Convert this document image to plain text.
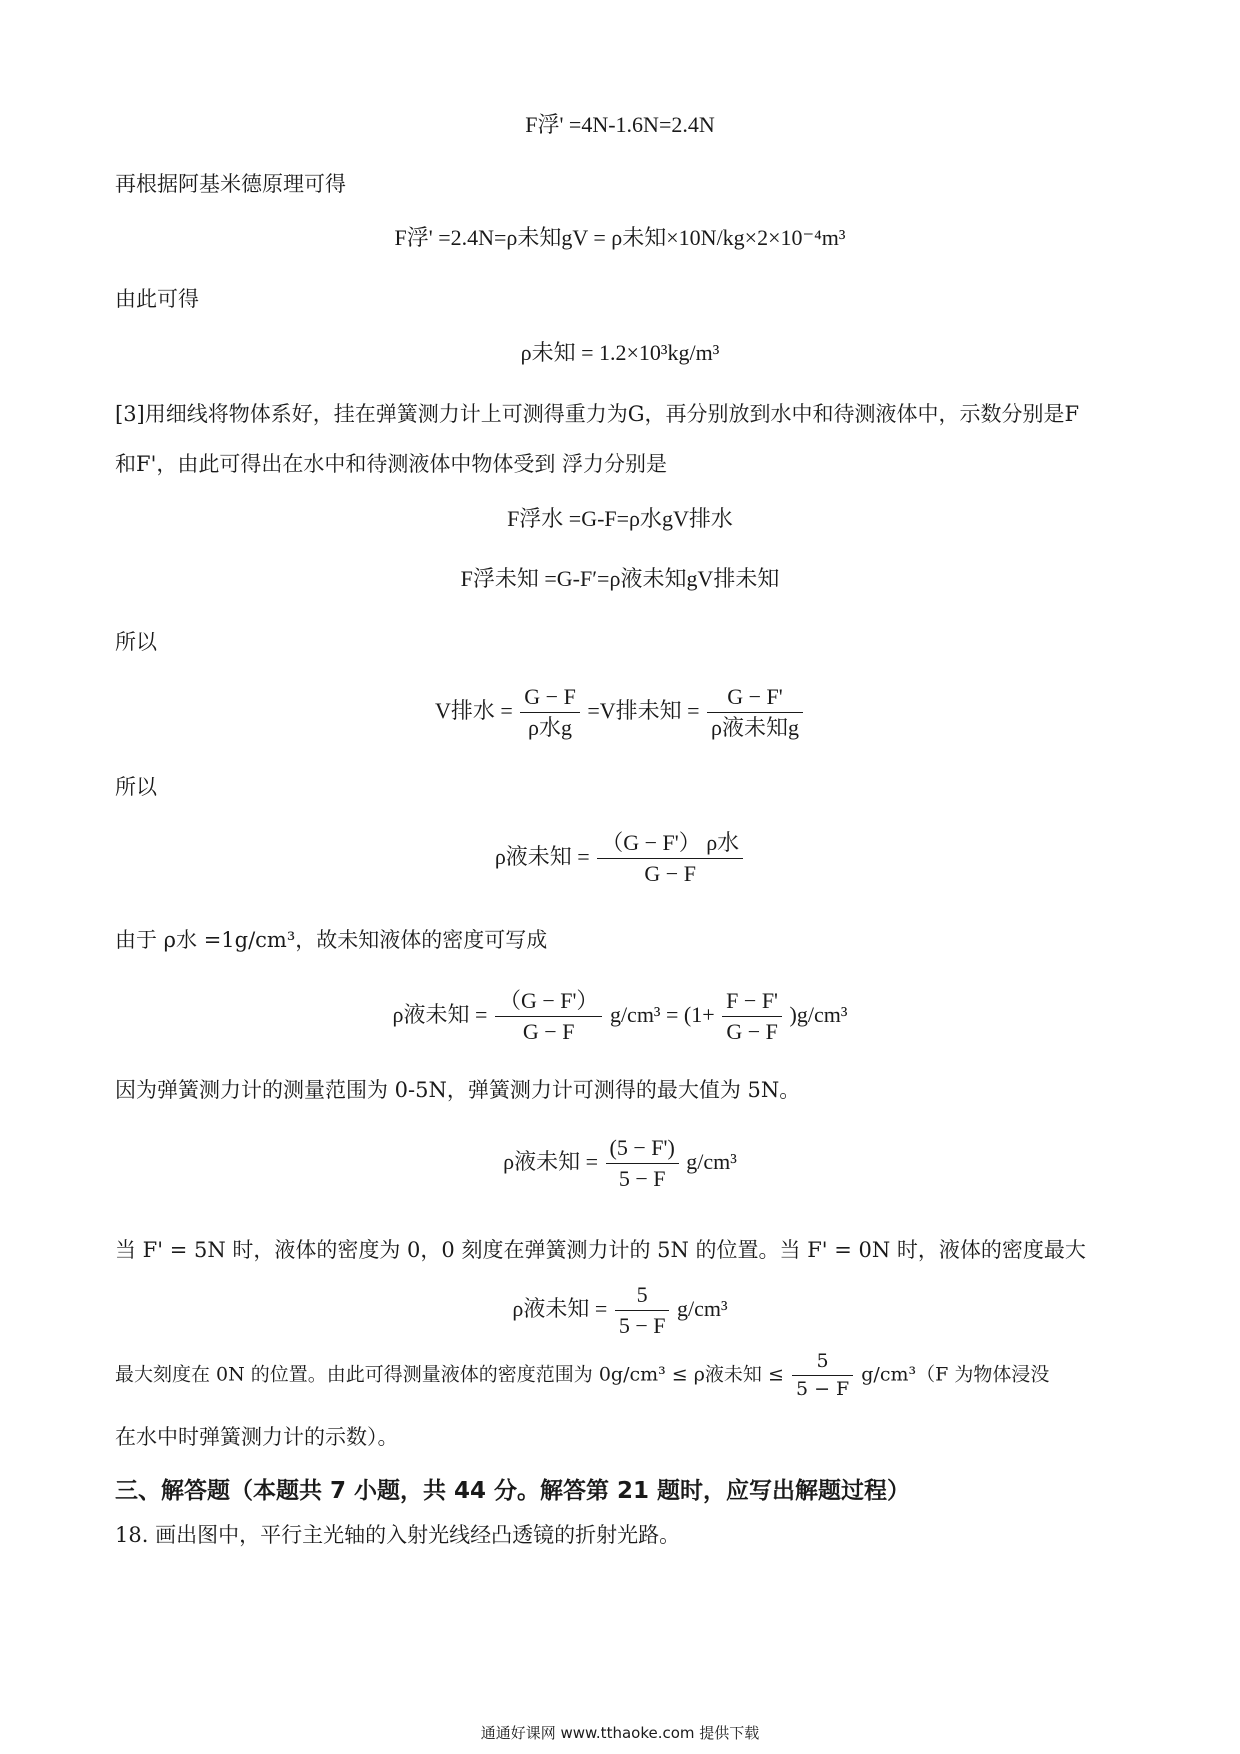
F浮' =4N-1.6N=2.4N
再根据阿基米德原理可得
F浮' =2.4N=ρ未知gV = ρ未知×10N/kg×2×10⁻⁴m³
由此可得
ρ未知 = 1.2×10³kg/m³
[3]用细线将物体系好，挂在弹簧测力计上可测得重力为G，再分别放到水中和待测液体中，示数分别是F
和F'，由此可得出在水中和待测液体中物体受到 浮力分别是
F浮水 =G-F=ρ水gV排水
F浮未知 =G-F′=ρ液未知gV排未知
所以
V排水 = $\frac{G - F}{\text{ρ水g}} =V$排未知 = $\frac{G - F'}{\text{ρ液未知g}}$
所以
ρ液未知 = $\frac{\text{（G − F'） ρ水}}{G - F}$
由于 ρ水 =1g/cm³，故未知液体的密度可写成
ρ液未知 = $\frac{(G - F')}{G - F} g/cm^3 = (1+ \frac{F - F'}{G - F} )g/cm^3$
因为弹簧测力计的测量范围为 0-5N，弹簧测力计可测得的最大值为 5N。
ρ液未知 = $\frac{(5 - F')}{5 - F} g/cm^3$
当 F' = 5N 时，液体的密度为 0，0 刻度在弹簧测力计的 5N 的位置。当 F' = 0N 时，液体的密度最大
ρ液未知 = $\frac{5}{5 - F} g/cm^3$
最大刻度在 0N 的位置。由此可得测量液体的密度范围为 0g/cm³ ≤ ρ液未知 ≤ $\frac{5}{5 - F} g/cm^3(F$ 为物体浸没
在水中时弹簧测力计的示数）。
三、解答题（本题共 7 小题，共 44 分。解答第 21 题时，应写出解题过程）
18. 画出图中，平行主光轴的入射光线经凸透镜的折射光路。
通通好课网 www.tthaoke.com 提供下载
